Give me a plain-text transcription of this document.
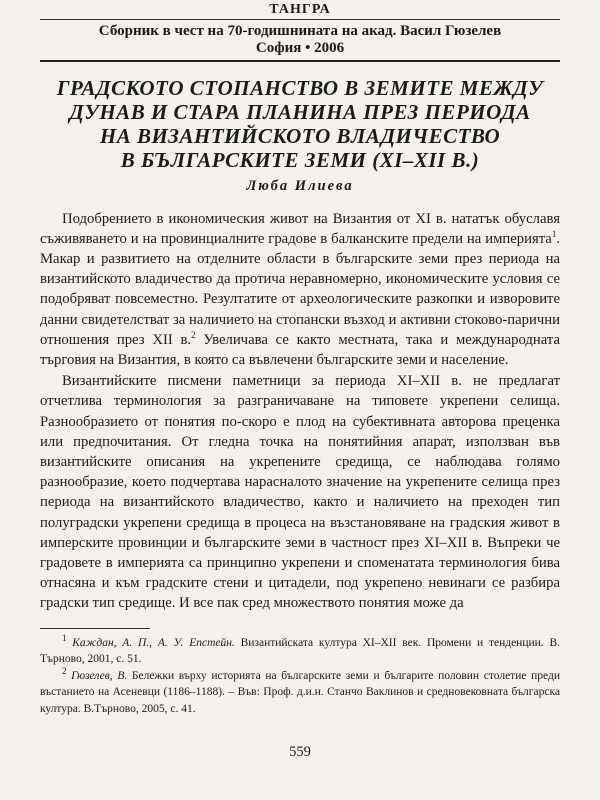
ТАНГРА
Сборник в чест на 70-годишнината на акад. Васил Гюзелев
София • 2006
ГРАДСКОТО СТОПАНСТВО В ЗЕМИТЕ МЕЖДУ
ДУНАВ И СТАРА ПЛАНИНА ПРЕЗ ПЕРИОДА
НА ВИЗАНТИЙСКОТО ВЛАДИЧЕСТВО
В БЪЛГАРСКИТЕ ЗЕМИ (XI–XII В.)
Люба Илиева

Подобрението в икономическия живот на Византия от XI в. нататък обуславя съживяването и на провинциалните градове в балканските предели на империята$^1$. Макар и развитието на отделните области в българските земи през периода на византийското владичество да протича неравномерно, икономическите условия се подобряват повсеместно. Резултатите от археологическите разкопки и изворовите данни свидетелстват за наличието на стопански възход и активни стоково-парични отношения през XII в.$^2$ Увеличава се както местната, така и международната търговия на Византия, в която са въвлечени българските земи и население.

Византийските писмени паметници за периода XI–XII в. не предлагат отчетлива терминология за разграничаване на типовете укрепени селища. Разнообразието от понятия по-скоро е плод на субективната авторова преценка или предпочитания. От гледна точка на понятийния апарат, използван във византийските описания на укрепените средища, се наблюдава голямо разнообразие, което подчертава нарасналото значение на укрепените селища през периода на византийското владичество, както и наличието на преходен тип полуградски укрепени средища в процеса на възстановяване на градския живот в имперските провинции и българските земи в частност през XI–XII в. Въпреки че градовете в империята са принципно укрепени и споменатата терминология бива отнасяна и към градските стени и цитадели, под укрепено невинаги се разбира градски тип средище. И все пак сред множеството понятия може да

$^1$ Каждан, А. П., А. У. Епстейн. Византийската култура XI–XII век. Промени и тенденции. В. Търново, 2001, с. 51.

$^2$ Гюзелев, В. Бележки върху историята на българските земи и българите половин столетие преди въстанието на Асеневци (1186–1188). – Във: Проф. д.и.н. Станчо Ваклинов и средновековната българска култура. В.Търново, 2005, с. 41.

559
